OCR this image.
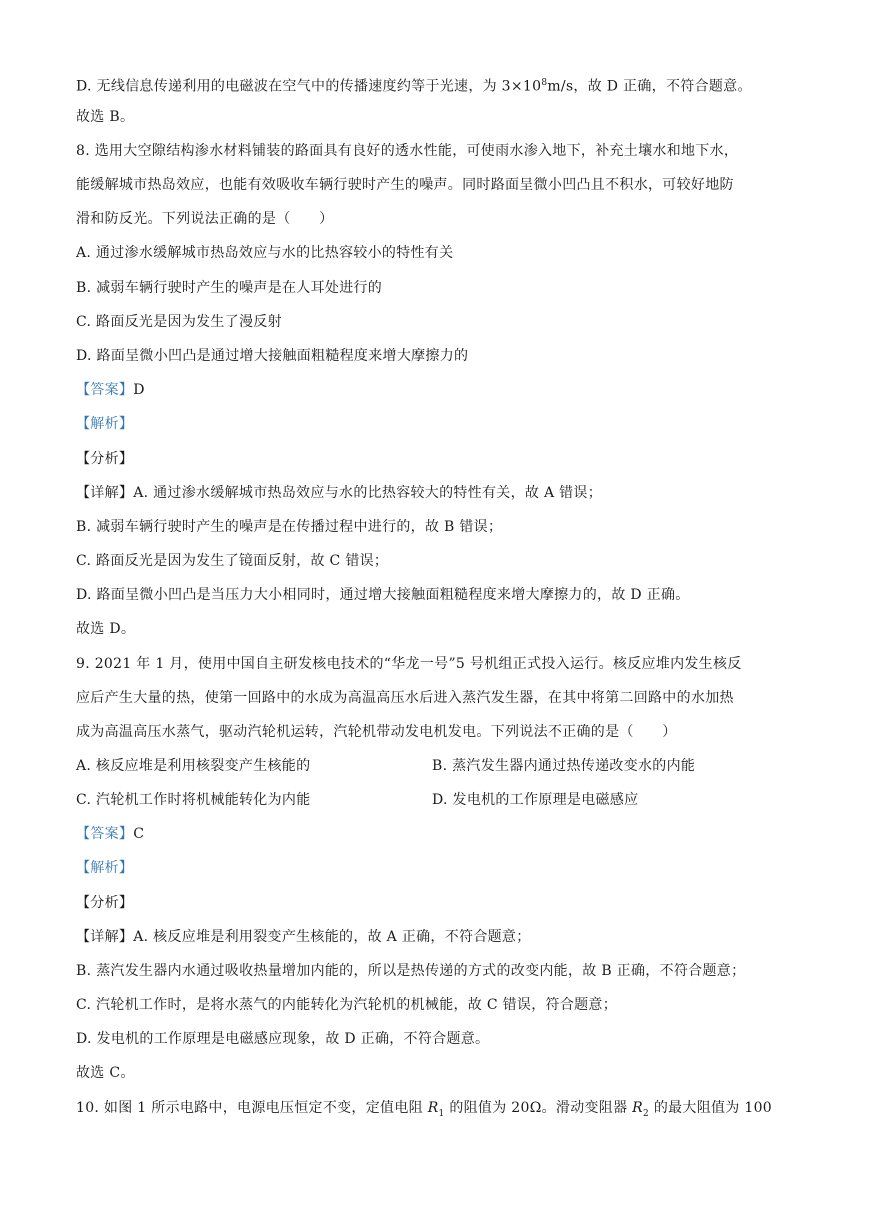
D. 无线信息传递利用的电磁波在空气中的传播速度约等于光速，为 $3\times 10^8m/s$，故 D 正确，不符合题意。
故选 B。
8. 选用大空隙结构渗水材料铺装的路面具有良好的透水性能，可使雨水渗入地下，补充土壤水和地下水，
能缓解城市热岛效应，也能有效吸收车辆行驶时产生的噪声。同时路面呈微小凹凸且不积水，可较好地防
滑和防反光。下列说法正确的是（　　）
A. 通过渗水缓解城市热岛效应与水的比热容较小的特性有关
B. 减弱车辆行驶时产生的噪声是在人耳处进行的
C. 路面反光是因为发生了漫反射
D. 路面呈微小凹凸是通过增大接触面粗糙程度来增大摩擦力的
【答案】D
【解析】
【分析】
【详解】A. 通过渗水缓解城市热岛效应与水的比热容较大的特性有关，故 A 错误；
B. 减弱车辆行驶时产生的噪声是在传播过程中进行的，故 B 错误；
C. 路面反光是因为发生了镜面反射，故 C 错误；
D. 路面呈微小凹凸是当压力大小相同时，通过增大接触面粗糙程度来增大摩擦力的，故 D 正确。
故选 D。
9. 2021 年 1 月，使用中国自主研发核电技术的“华龙一号”5 号机组正式投入运行。核反应堆内发生核反
应后产生大量的热，使第一回路中的水成为高温高压水后进入蒸汽发生器，在其中将第二回路中的水加热
成为高温高压水蒸气，驱动汽轮机运转，汽轮机带动发电机发电。下列说法不正确的是（　　）
A. 核反应堆是利用核裂变产生核能的	B. 蒸汽发生器内通过热传递改变水的内能
C. 汽轮机工作时将机械能转化为内能	D. 发电机的工作原理是电磁感应
【答案】C
【解析】
【分析】
【详解】A. 核反应堆是利用裂变产生核能的，故 A 正确，不符合题意；
B. 蒸汽发生器内水通过吸收热量增加内能的，所以是热传递的方式的改变内能，故 B 正确，不符合题意；
C. 汽轮机工作时，是将水蒸气的内能转化为汽轮机的机械能，故 C 错误，符合题意；
D. 发电机的工作原理是电磁感应现象，故 D 正确，不符合题意。
故选 C。
10. 如图 1 所示电路中，电源电压恒定不变，定值电阻 $R_1$ 的阻值为 20Ω。滑动变阻器 $R_2$ 的最大阻值为 100
